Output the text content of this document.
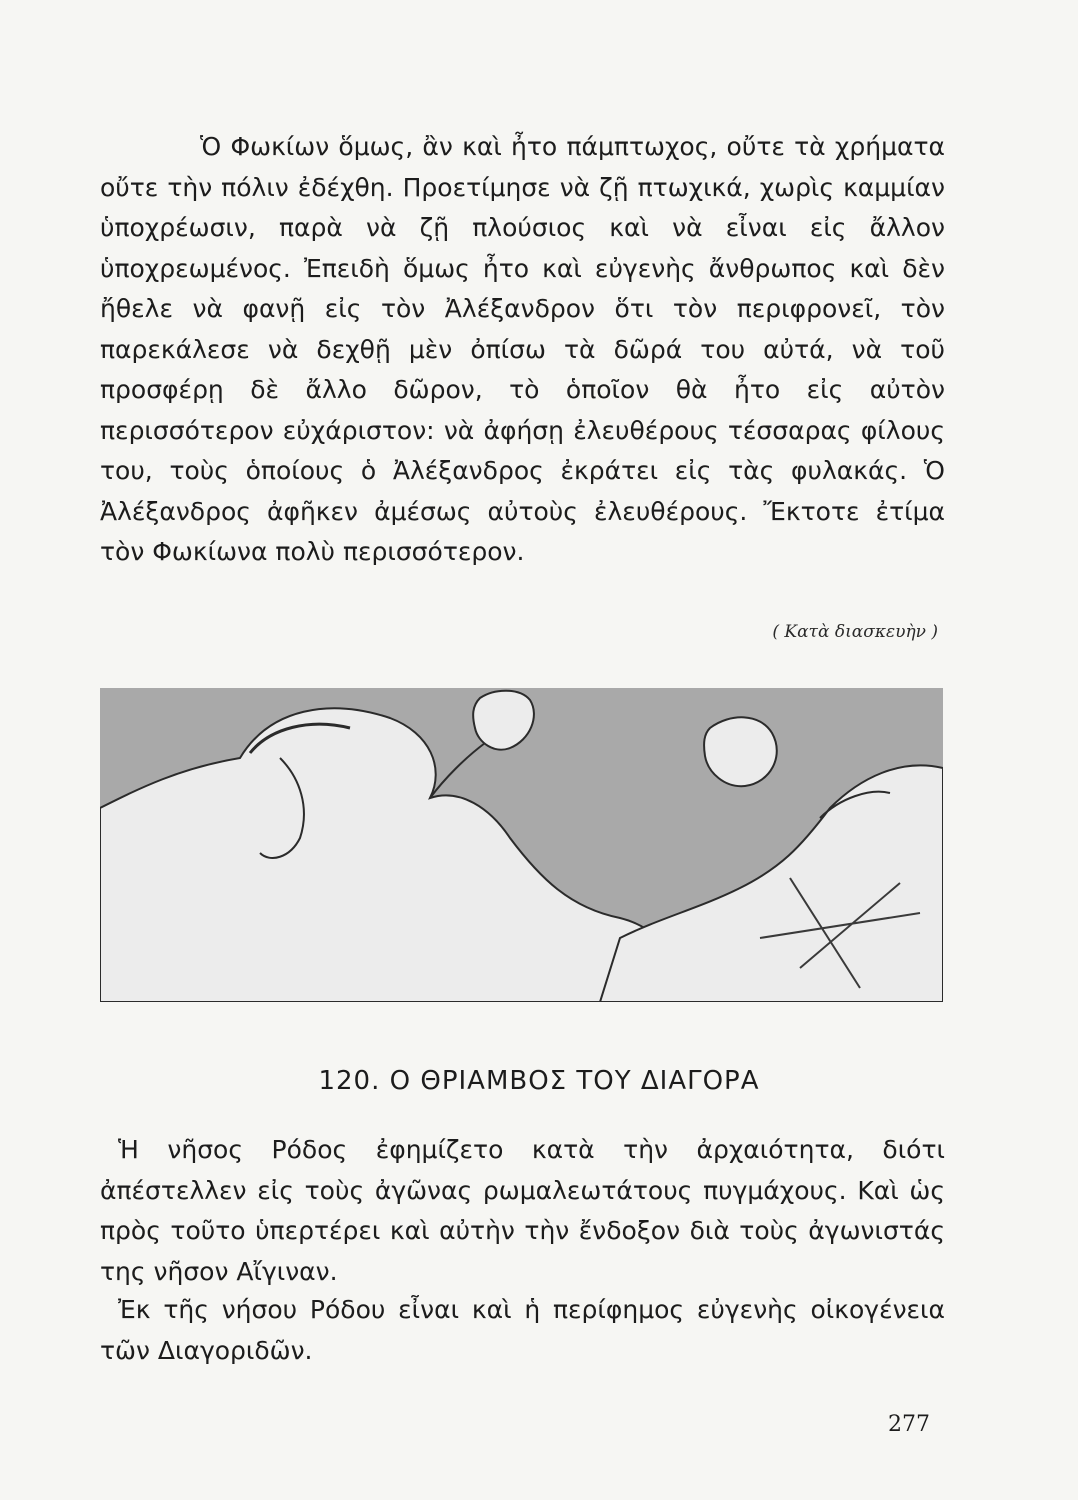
Ὁ Φωκίων ὅμως, ἂν καὶ ἦτο πάμπτωχος, οὔτε τὰ χρήματα οὔτε τὴν πόλιν ἐδέχθη. Προετίμησε νὰ ζῇ πτωχικά, χωρὶς καμμίαν ὑποχρέωσιν, παρὰ νὰ ζῇ πλούσιος καὶ νὰ εἶναι εἰς ἄλλον ὑποχρεωμένος. Ἐπειδὴ ὅμως ἦτο καὶ εὐγενὴς ἄνθρωπος καὶ δὲν ἤθελε νὰ φανῇ εἰς τὸν Ἀλέξανδρον ὅτι τὸν περιφρονεῖ, τὸν παρεκάλεσε νὰ δεχθῇ μὲν ὀπίσω τὰ δῶρά του αὐτά, νὰ τοῦ προσφέρῃ δὲ ἄλλο δῶρον, τὸ ὁποῖον θὰ ἦτο εἰς αὐτὸν περισσότερον εὐχάριστον: νὰ ἀφήσῃ ἐλευθέρους τέσσαρας φίλους του, τοὺς ὁποίους ὁ Ἀλέξανδρος ἐκράτει εἰς τὰς φυλακάς. Ὁ Ἀλέξανδρος ἀφῆκεν ἀμέσως αὐτοὺς ἐλευθέρους. Ἔκτοτε ἐτίμα τὸν Φωκίωνα πολὺ περισσότερον.

( Κατὰ διασκευὴν )
120. Ο ΘΡΙΑΜΒΟΣ ΤΟΥ ΔΙΑΓΟΡΑ

Ἡ νῆσος Ρόδος ἐφημίζετο κατὰ τὴν ἀρχαιότητα, διότι ἀπέστελλεν εἰς τοὺς ἀγῶνας ρωμαλεωτάτους πυγμάχους. Καὶ ὡς πρὸς τοῦτο ὑπερτέρει καὶ αὐτὴν τὴν ἔνδοξον διὰ τοὺς ἀγωνιστάς της νῆσον Αἴγιναν.

Ἐκ τῆς νήσου Ρόδου εἶναι καὶ ἡ περίφημος εὐγενὴς οἰκογένεια τῶν Διαγοριδῶν.

277
